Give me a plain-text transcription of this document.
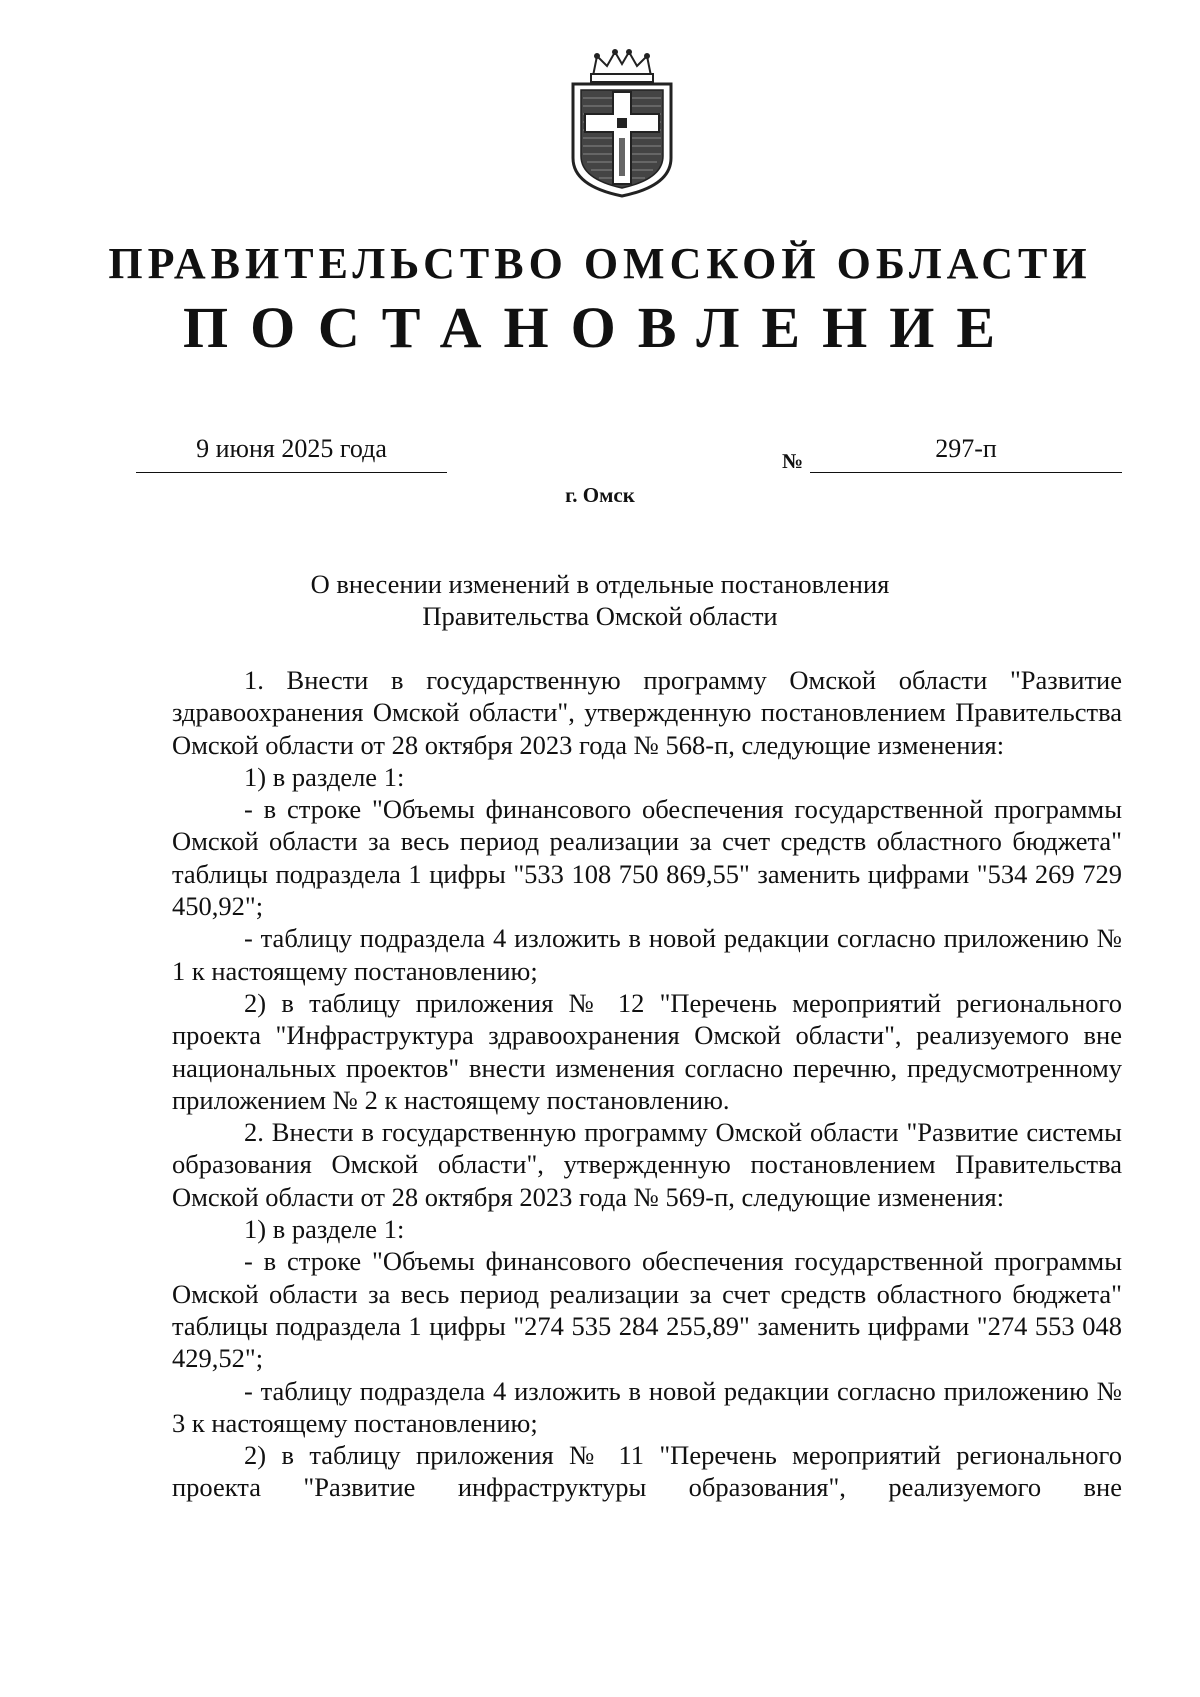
ПРАВИТЕЛЬСТВО ОМСКОЙ ОБЛАСТИ
ПОСТАНОВЛЕНИЕ
9 июня 2025 года	№	297-п
г. Омск
О внесении изменений в отдельные постановления
Правительства Омской области

1. Внести в государственную программу Омской области "Развитие здравоохранения Омской области", утвержденную постановлением Правительства Омской области от 28 октября 2023 года № 568-п, следующие изменения:

1) в разделе 1:

- в строке "Объемы финансового обеспечения государственной программы Омской области за весь период реализации за счет средств областного бюджета" таблицы подраздела 1 цифры "533 108 750 869,55" заменить цифрами "534 269 729 450,92";

- таблицу подраздела 4 изложить в новой редакции согласно приложению № 1 к настоящему постановлению;

2) в таблицу приложения № 12 "Перечень мероприятий регионального проекта "Инфраструктура здравоохранения Омской области", реализуемого вне национальных проектов" внести изменения согласно перечню, предусмотренному приложением № 2 к настоящему постановлению.

2. Внести в государственную программу Омской области "Развитие системы образования Омской области", утвержденную постановлением Правительства Омской области от 28 октября 2023 года № 569-п, следующие изменения:

1) в разделе 1:

- в строке "Объемы финансового обеспечения государственной программы Омской области за весь период реализации за счет средств областного бюджета" таблицы подраздела 1 цифры "274 535 284 255,89" заменить цифрами "274 553 048 429,52";

- таблицу подраздела 4 изложить в новой редакции согласно приложению № 3 к настоящему постановлению;

2) в таблицу приложения № 11 "Перечень мероприятий регионального проекта "Развитие инфраструктуры образования", реализуемого вне
